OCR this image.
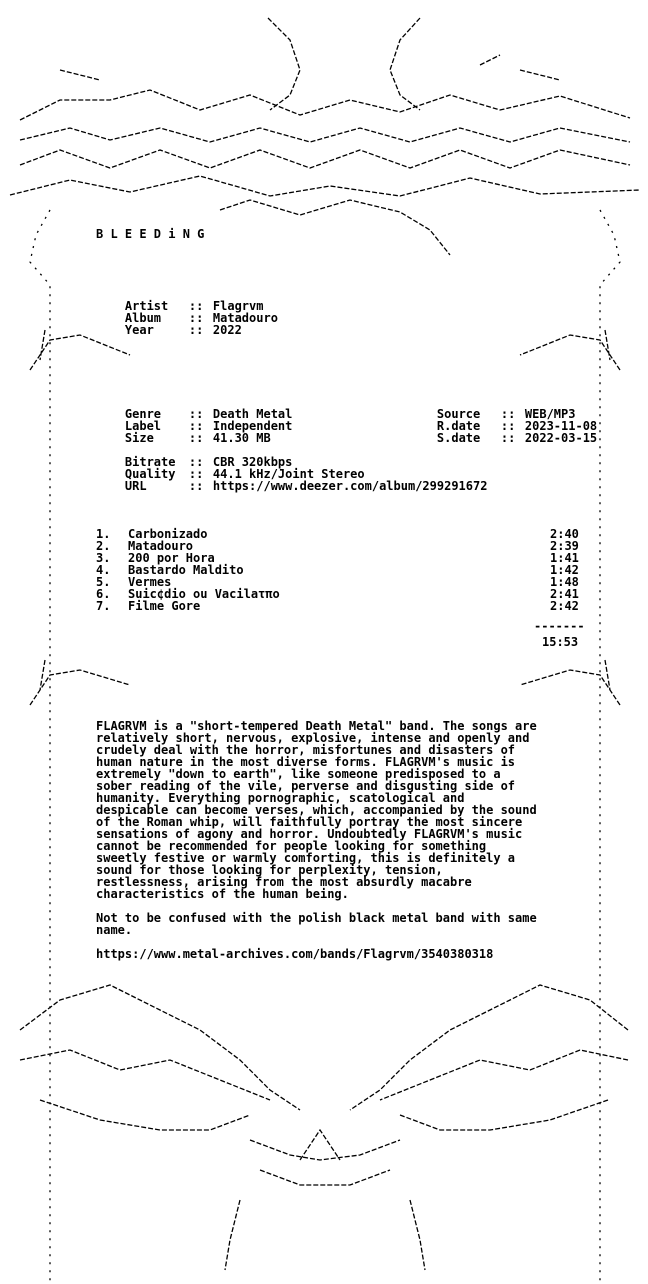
B L E E D i N G

Artist :: Flagrvm

Album :: Matadouro

Year	:: 2022

Genre :: Death Metal

Label :: Independent

Size	:: 41.30 MB

Source :: WEB/MP3

R.date :: 2023-11-08

S.date :: 2022-03-15

Bitrate :: CBR 320kbps

Quality :: 44.1 kHz/Joint Stereo

URL	:: https://www.deezer.com/album/299291672

1. Carbonizado	2:40

2. Matadouro	2:39

3. 200 por Hora	1:41

4. Bastardo Maldito	1:42

5. Vermes	1:48

6. Suic¢dio ou Vacilaτπo	2:41

7. Filme Gore	2:42

-------
15:53
FLAGRVM is a "short-tempered Death Metal" band. The songs are
relatively short, nervous, explosive, intense and openly and
crudely deal with the horror, misfortunes and disasters of
human nature in the most diverse forms. FLAGRVM's music is
extremely "down to earth", like someone predisposed to a
sober reading of the vile, perverse and disgusting side of
humanity. Everything pornographic, scatological and
despicable can become verses, which, accompanied by the sound
of the Roman whip, will faithfully portray the most sincere
sensations of agony and horror. Undoubtedly FLAGRVM's music
cannot be recommended for people looking for something
sweetly festive or warmly comforting, this is definitely a
sound for those looking for perplexity, tension,
restlessness, arising from the most absurdly macabre
characteristics of the human being.
Not to be confused with the polish black metal band with same
name.
https://www.metal-archives.com/bands/Flagrvm/3540380318
